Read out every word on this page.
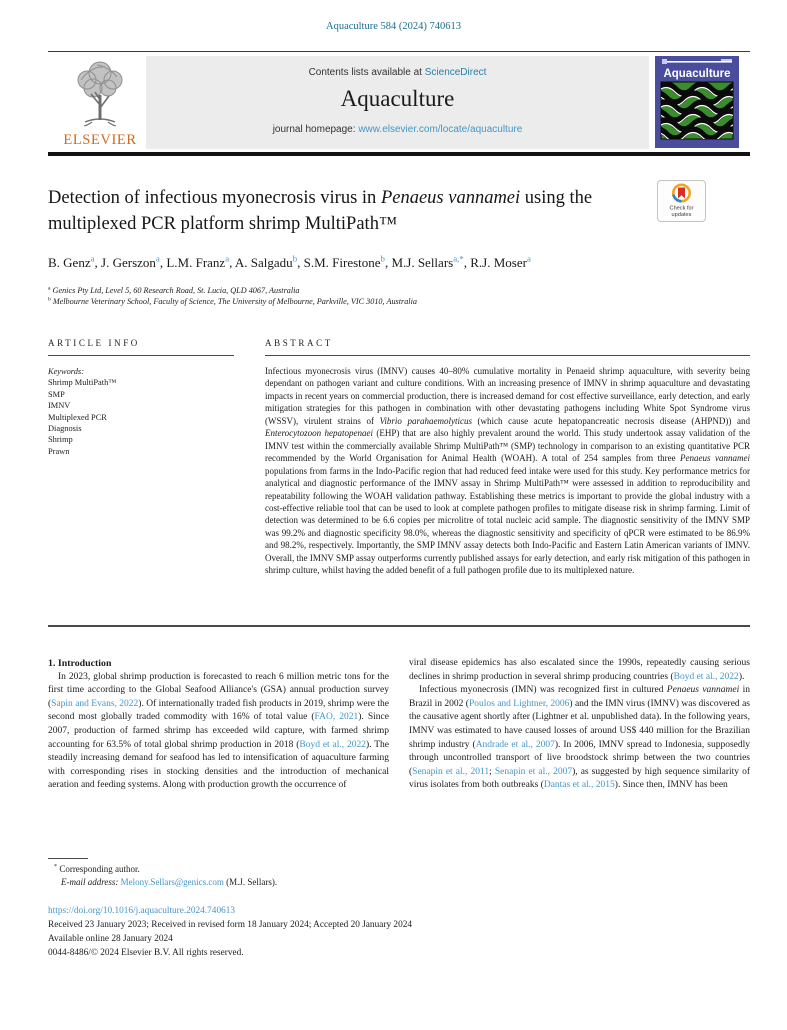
Aquaculture 584 (2024) 740613
ELSEVIER
Contents lists available at ScienceDirect
Aquaculture
journal homepage: www.elsevier.com/locate/aquaculture
Aquaculture
Detection of infectious myonecrosis virus in Penaeus vannamei using the multiplexed PCR platform shrimp MultiPath™
Check for
updates
B. Genz$^a$, J. Gerszon$^a$, L.M. Franz$^a$, A. Salgadu$^b$, S.M. Firestone$^b$, M.J. Sellars$^{a,*}$, R.J. Moser$^a$
$^a$ Genics Pty Ltd, Level 5, 60 Research Road, St. Lucia, QLD 4067, Australia
$^b$ Melbourne Veterinary School, Faculty of Science, The University of Melbourne, Parkville, VIC 3010, Australia
ARTICLE INFO
Keywords:
Shrimp MultiPath™
SMP
IMNV
Multiplexed PCR
Diagnosis
Shrimp
Prawn
ABSTRACT
Infectious myonecrosis virus (IMNV) causes 40–80% cumulative mortality in Penaeid shrimp aquaculture, with severity being dependant on pathogen variant and culture conditions. With an increasing presence of IMNV in shrimp aquaculture and devastating impacts in recent years on commercial production, there is increased demand for cost effective surveillance, early detection, and early mitigation strategies for this pathogen in combination with other devastating pathogens including White Spot Syndrome virus (WSSV), virulent strains of Vibrio parahaemolyticus (which cause acute hepatopancreatic necrosis disease (AHPND)) and Enterocytozoon hepatopenaei (EHP) that are also highly prevalent around the world. This study undertook assay validation of the IMNV test within the commercially available Shrimp MultiPath™ (SMP) technology in comparison to an existing quantitative PCR recommended by the World Organisation for Animal Health (WOAH). A total of 254 samples from three Penaeus vannamei populations from farms in the Indo-Pacific region that had reduced feed intake were used for this study. Key performance metrics for analytical and diagnostic performance of the IMNV assay in Shrimp MultiPath™ were assessed in addition to reproducibility and repeatability following the WOAH validation pathway. Establishing these metrics is important to provide the global industry with a cost-effective reliable tool that can be used to look at complete pathogen profiles to mitigate disease risk in shrimp farming. Limit of detection was determined to be 6.6 copies per microlitre of total nucleic acid sample. The diagnostic sensitivity of the IMNV SMP was 99.2% and diagnostic specificity 98.0%, whereas the diagnostic sensitivity and specificity of qPCR were estimated to be 86.9% and 98.2%, respectively. Importantly, the SMP IMNV assay detects both Indo-Pacific and Eastern Latin American variants of IMNV. Overall, the IMNV SMP assay outperforms currently published assays for early detection, and early risk mitigation of this pathogen in shrimp culture, whilst having the added benefit of a full pathogen profile due to its multiplexed nature.

1. Introduction

In 2023, global shrimp production is forecasted to reach 6 million metric tons for the first time according to the Global Seafood Alliance's (GSA) annual production survey (Sapin and Evans, 2022). Of internationally traded fish products in 2019, shrimp were the second most globally traded commodity with 16% of total value (FAO, 2021). Since 2007, production of farmed shrimp has exceeded wild capture, with farmed shrimp accounting for 63.5% of total global shrimp production in 2018 (Boyd et al., 2022). The steadily increasing demand for seafood has led to intensification of aquaculture farming with corresponding rises in stocking densities and the introduction of mechanical aeration and feeding systems. Along with production growth the occurrence of

viral disease epidemics has also escalated since the 1990s, repeatedly causing serious declines in shrimp production in several shrimp producing countries (Boyd et al., 2022).

Infectious myonecrosis (IMN) was recognized first in cultured Penaeus vannamei in Brazil in 2002 (Poulos and Lightner, 2006) and the IMN virus (IMNV) was discovered as the causative agent shortly after (Lightner et al. unpublished data). In the following years, IMNV was estimated to have caused losses of around US$ 440 million for the Brazilian shrimp industry (Andrade et al., 2007). In 2006, IMNV spread to Indonesia, supposedly through uncontrolled transport of live broodstock shrimp between the two countries (Senapin et al., 2011; Senapin et al., 2007), as suggested by high sequence similarity of virus isolates from both outbreaks (Dantas et al., 2015). Since then, IMNV has been

* Corresponding author.
E-mail address: Melony.Sellars@genics.com (M.J. Sellars).
https://doi.org/10.1016/j.aquaculture.2024.740613
Received 23 January 2023; Received in revised form 18 January 2024; Accepted 20 January 2024
Available online 28 January 2024
0044-8486/© 2024 Elsevier B.V. All rights reserved.
